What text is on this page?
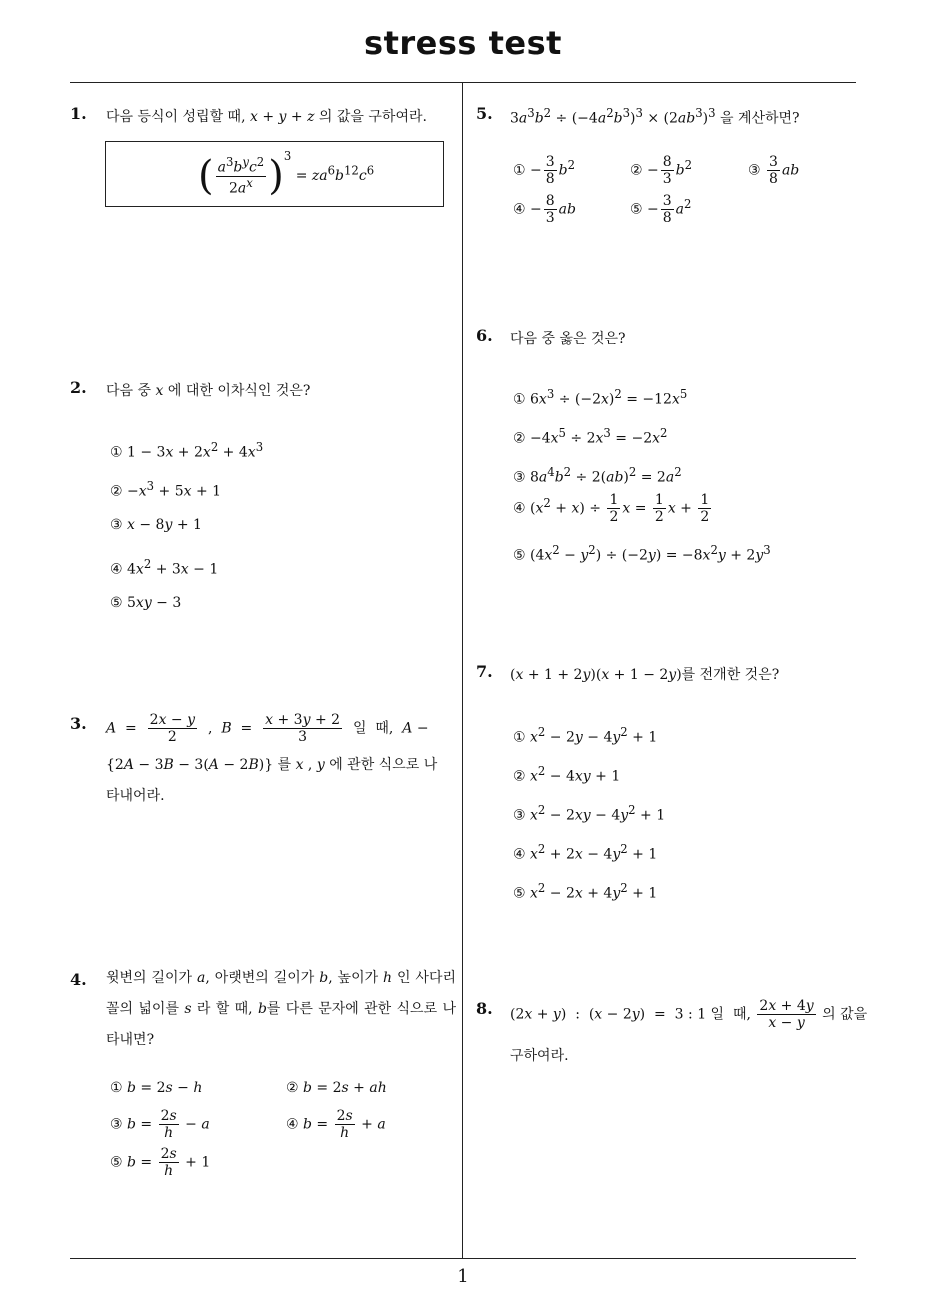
stress test
1
1. 다음 등식이 성립할 때, x + y + z 의 값을 구하여라.
( $\frac{a^3b^yc^2}{2a^x} )^3 = za^6b^{12}c^6$
2. 다음 중 x 에 대한 이차식인 것은?
① $1 - 3x + 2x^2 + 4x^3$
② $-x^3 + 5x + 1$
③ x − 8y + 1
④ $4x^2 + 3x - 1$
⑤ 5xy − 3
3. $A = \frac{2x - y}{2}$ ,  $B = \frac{x + 3y + 2}{3}$ 일  때,  A −
{2A − 3B − 3(A − 2B)} 를 x , y 에 관한 식으로 나
타내어라.
4. 윗변의 길이가 a, 아랫변의 길이가 b, 높이가 h 인 사다리꼴의 넓이를 s 라 할 때, b를 다른 문자에 관한 식으로 나타내면?
① b = 2s − h	② b = 2s + ah
③ $b = \frac{2s}{h} - a$	④ $b = \frac{2s}{h} + a$
⑤ $b = \frac{2s}{h} + 1$
5. $3a^3b^2 \div (-4a^2b^3)^3 \times (2ab^3)^3$ 을 계산하면?
① − $\frac{3}{8} b^2$	② − $\frac{8}{3} b^2$	③ $\frac{3}{8}$ ab
④ − $\frac{8}{3}$ ab	⑤ − $\frac{3}{8} a^2$
6. 다음 중 옳은 것은?
① $6x^3 \div (-2x)^2 = -12x^5$
② $-4x^5 \div 2x^3 = -2x^2$
③ $8a^4b^2 \div 2(ab)^2 = 2a^2$
④ $(x^2 + x) \div \frac{1}{2}$ $x = \frac{1}{2}$ $x + \frac{1}{2}$
⑤ $(4x^2 - y^2) \div (-2y) = -8x^2y + 2y^3$
7. (x + 1 + 2y)(x + 1 − 2y)를 전개한 것은?
① $x^2 - 2y - 4y^2 + 1$
② $x^2 - 4xy + 1$
③ $x^2 - 2xy - 4y^2 + 1$
④ $x^2 + 2x - 4y^2 + 1$
⑤ $x^2 - 2x + 4y^2 + 1$
8. (2x + y)  :  (x − 2y)  =  3 : 1 일  때, $\frac{2x + 4y}{x - y}$ 의 값을
구하여라.
